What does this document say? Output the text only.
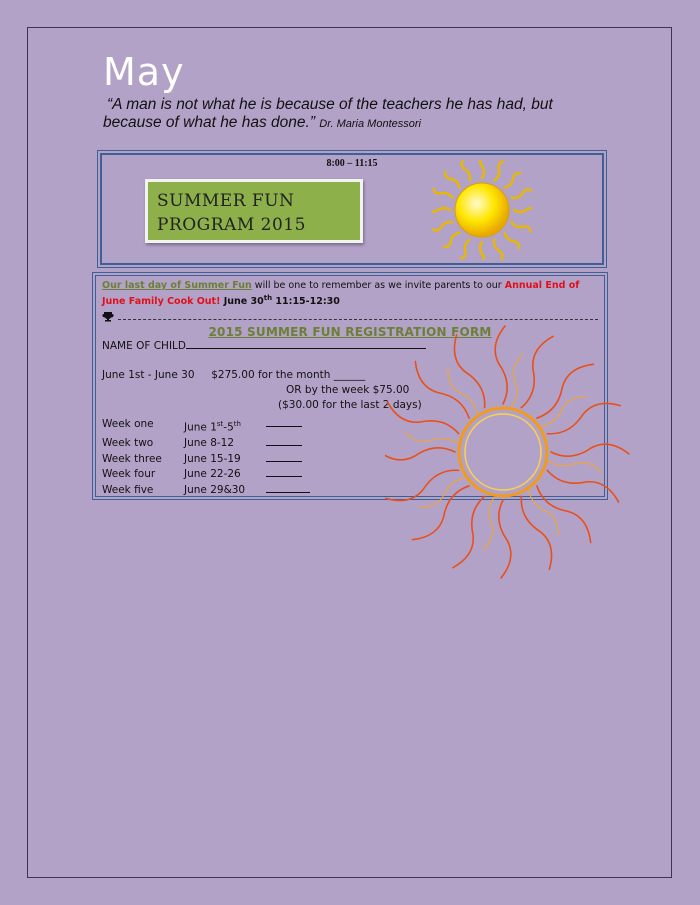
May
“A man is not what he is because of the teachers he has had, but because of what he has done.” Dr. Maria Montessori
8:00 – 11:15
SUMMER FUN
PROGRAM 2015
Our last day of Summer Fun will be one to remember as we invite parents to our Annual End of June Family Cook Out! June 30th 11:15-12:30
2015 SUMMER FUN REGISTRATION FORM
NAME OF CHILD
June 1st - June 30 $275.00 for the month ______
OR by the week $75.00
($30.00 for the last 2 days)
Week one	June 1st-5th
Week two	June 8-12
Week three	June 15-19
Week four	June 22-26
Week five	June 29&30
